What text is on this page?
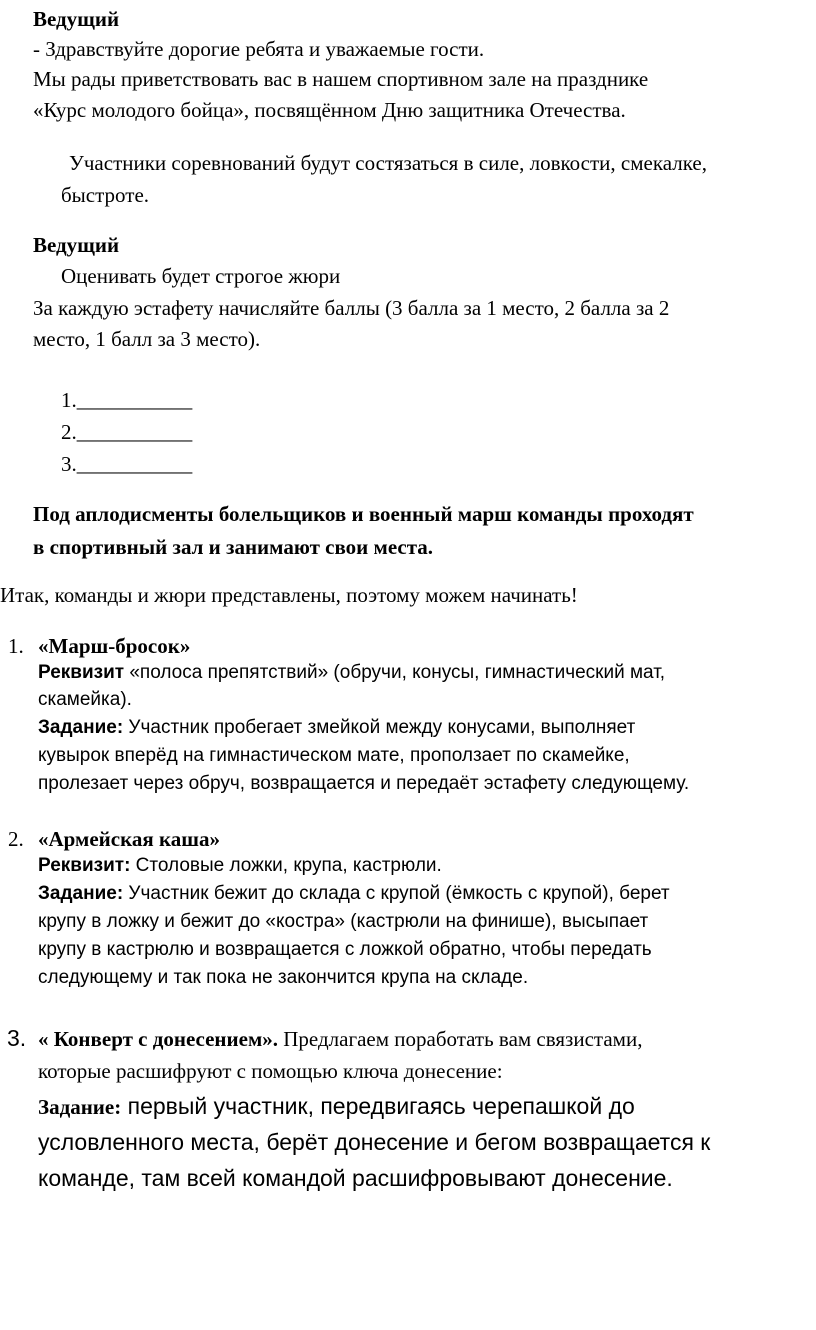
Ведущий
- Здравствуйте дорогие ребята и уважаемые гости.
Мы рады приветствовать вас в нашем спортивном зале на празднике
«Курс молодого бойца», посвящённом Дню защитника Отечества.
Участники соревнований будут состязаться в силе, ловкости, смекалке,
быстроте.
Ведущий
Оценивать будет строгое жюри
За каждую эстафету начисляйте баллы (3 балла за 1 место, 2 балла за 2
место, 1 балл за 3 место).
1.___________
2.___________
3.___________
Под аплодисменты болельщиков и военный марш команды проходят
в спортивный зал и занимают свои места.
Итак, команды и жюри представлены, поэтому можем начинать!
1. «Марш-бросок»
Реквизит «полоса препятствий» (обручи, конусы, гимнастический мат,
скамейка).
Задание: Участник пробегает змейкой между конусами, выполняет
кувырок вперёд на гимнастическом мате, проползает по скамейке,
пролезает через обруч, возвращается и передаёт эстафету следующему.
2. «Армейская каша»
Реквизит: Столовые ложки, крупа, кастрюли.
Задание: Участник бежит до склада с крупой (ёмкость с крупой), берет
крупу в ложку и бежит до «костра» (кастрюли на финише), высыпает
крупу в кастрюлю и возвращается с ложкой обратно, чтобы передать
следующему и так пока не закончится крупа на складе.
3. « Конверт с донесением». Предлагаем поработать вам связистами,
которые расшифруют с помощью ключа донесение:
Задание: первый участник, передвигаясь черепашкой до
условленного места, берёт донесение и бегом возвращается к
команде, там всей командой расшифровывают донесение.
